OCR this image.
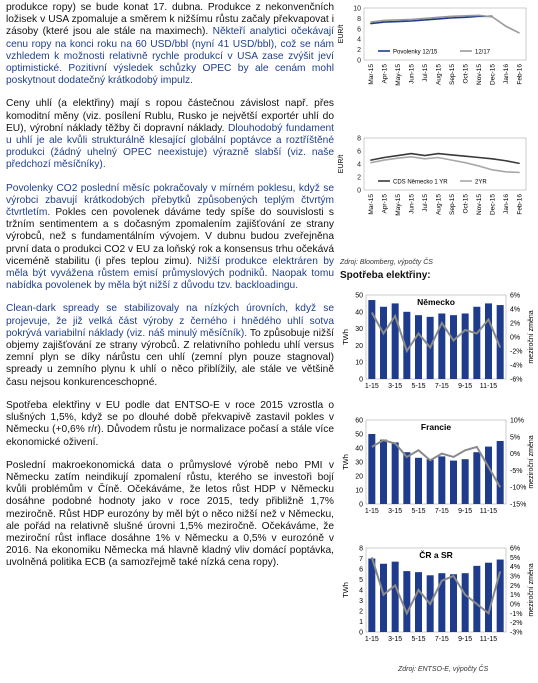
produkce ropy) se bude konat 17. dubna. Produkce z nekonvenčních ložisek v USA zpomaluje a směrem k nižšímu růstu začaly překvapovat i zásoby (které jsou ale stále na maximech). Někteří analytici očekávají cenu ropy na konci roku na 60 USD/bbl (nyní 41 USD/bbl), což se nám vzhledem k možnosti relativně rychle produkcí v USA zase zvýšit jeví optimistické. Pozitivní výsledek schůzky OPEC by ale cenám mohl poskytnout dodatečný krátkodobý impulz.

Ceny uhlí (a elektřiny) mají s ropou částečnou závislost např. přes komoditní měny (viz. posílení Rublu, Rusko je největší exportér uhlí do EU), výrobní náklady těžby či dopravní náklady. Dlouhodobý fundament u uhlí je ale kvůli strukturálně klesající globální poptávce a roztříštěné produkci (žádný uhelný OPEC neexistuje) výrazně slabší (viz. naše předchozí měsíčníky).

Povolenky CO2 poslední měsíc pokračovaly v mírném poklesu, když se výrobci zbavují krátkodobých přebytků způsobených teplým čtvrtým čtvrtletím. Pokles cen povolenek dáváme tedy spíše do souvislosti s tržním sentimentem a s dočasným zpomalením zajišťování ze strany výrobců, než s fundamentálním vývojem. V dubnu budou zveřejněna první data o produkci CO2 v EU za loňský rok a konsensus trhu očekává viceméně stabilitu (i přes teplou zimu). Nižší produkce elektráren by měla být vyvážena růstem emisí průmyslových podniků. Naopak tomu nabídka povolenek by měla být nižší z důvodu tzv. backloadingu.

Clean-dark spready se stabilizovaly na nízkých úrovních, když se projevuje, že již velká část výroby z černého i hnědého uhlí sotva pokrývá variabilní náklady (viz. náš minulý měsíčník). To způsobuje nižší objemy zajišťování ze strany výrobců. Z relativního pohledu uhlí versus zemní plyn se díky nárůstu cen uhlí (zemní plyn pouze stagnoval) spready u zemního plynu k uhlí o něco přiblížily, ale stále ve většině času nejsou konkurenceschopné.

Spotřeba elektřiny v EU podle dat ENTSO-E v roce 2015 vzrostla o slušných 1,5%, když se po dlouhé době překvapivě zastavil pokles v Německu (+0,6% r/r). Důvodem růstu je normalizace počasí a stále více ekonomické oživení.

Poslední makroekonomická data o průmyslové výrobě nebo PMI v Německu zatím neindikují zpomalení růstu, kterého se investoři bojí kvůli problémům v Číně. Očekáváme, že letos růst HDP v Německu dosáhne podobné hodnoty jako v roce 2015, tedy přibližně 1,7% meziročně. Růst HDP eurozóny by měl být o něco nižší než v Německu, ale pořád na relativně slušné úrovni 1,5% meziročně. Očekáváme, že meziroční růst inflace dosáhne 1% v Německu a 0,5% v eurozóně v 2016. Na ekonomiku Německa má hlavně kladný vliv domácí poptávka, uvolněná politika ECB (a samozřejmě také nízká cena ropy).

0
2
4
6
8
10
EUR/t
Mar-15 Apr-15 May-15 Jun-15 Jul-15 Aug-15 Sep-15 Oct-15 Nov-15 Dec-15 Jan-16 Feb-16
Povolenky 12/15	12/17
0
2
4
6
8
EUR/t
Mar-15 Apr-15 May-15 Jun-15 Jul-15 Aug-15 Sep-15 Oct-15 Nov-15 Dec-15 Jan-16 Feb-16
CDS Německo 1 YR	2YR
0
10
20
30
40
50
-6%
-4%
-2%
0%
2%
4%
6%
TWh	meziroční změna
1-15 3-15 5-15 7-15 9-15 11-15
Německo
0
10
20
30
40
50
60
-15%
-10%
-5%
0%
5%
10%
TWh	meziroční změna
1-15 3-15 5-15 7-15 9-15 11-15
Francie
0
1
2
3
4
5
6
7
8
-3%
-2%
-1%
0%
1%
2%
3%
4%
5%
6%
TWh	meziroční změna
1-15 3-15 5-15 7-15 9-15 11-15
ČR a SR
Zdroj: Bloomberg, výpočty ČS
Spotřeba elektřiny:
Zdroj: ENTSO-E, výpočty ČS
